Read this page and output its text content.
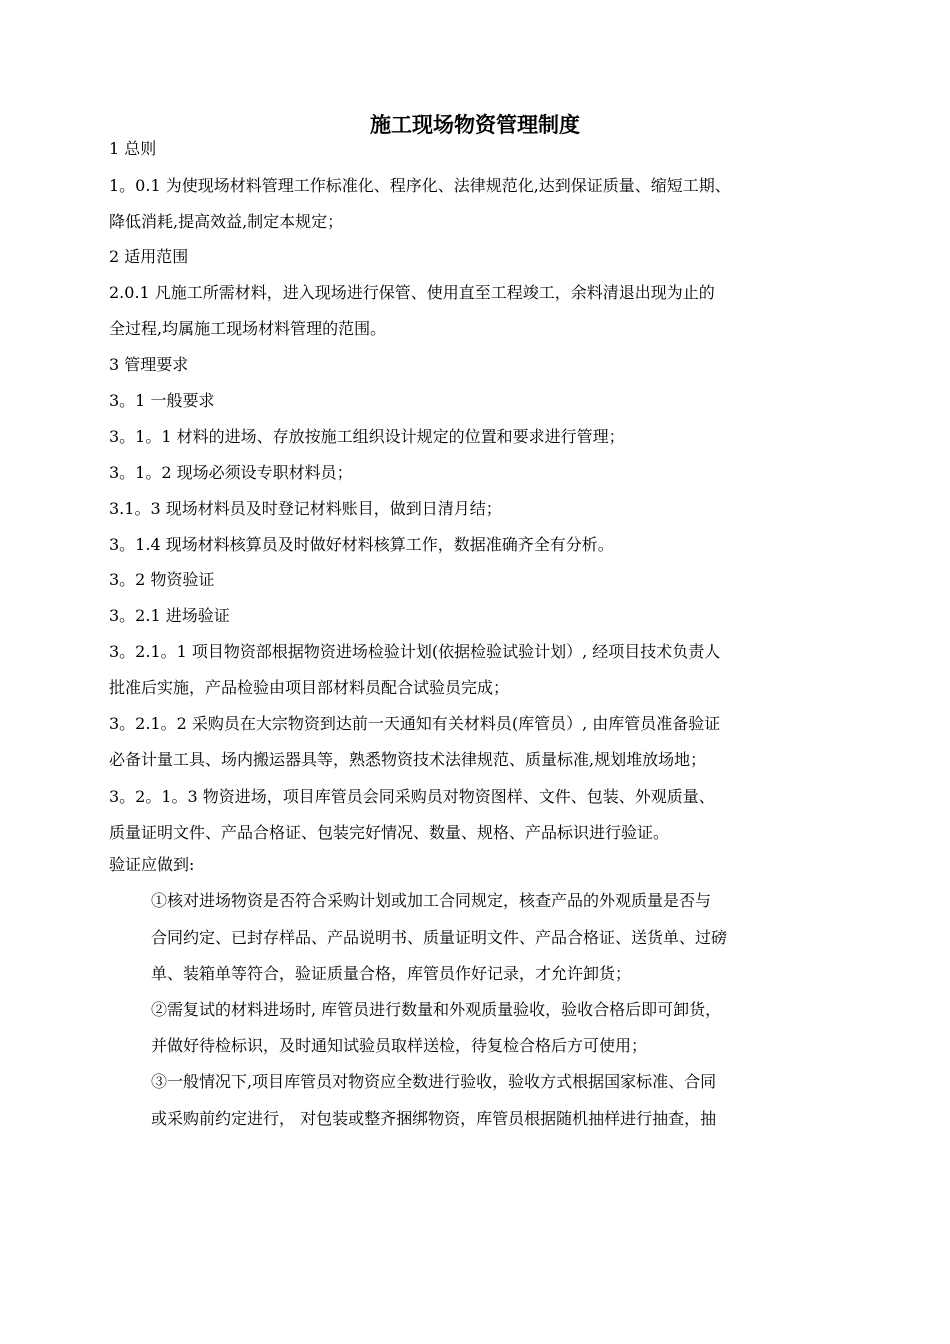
施工现场物资管理制度
1 总则
1。0.1 为使现场材料管理工作标准化、程序化、法律规范化,达到保证质量、缩短工期、
降低消耗,提高效益,制定本规定；
2 适用范围
2.0.1 凡施工所需材料，进入现场进行保管、使用直至工程竣工，余料清退出现为止的
全过程,均属施工现场材料管理的范围。
3 管理要求
3。1 一般要求
3。1。1 材料的进场、存放按施工组织设计规定的位置和要求进行管理；
3。1。2 现场必须设专职材料员；
3.1。3 现场材料员及时登记材料账目，做到日清月结；
3。1.4 现场材料核算员及时做好材料核算工作，数据准确齐全有分析。
3。2 物资验证
3。2.1 进场验证
3。2.1。1 项目物资部根据物资进场检验计划(依据检验试验计划）, 经项目技术负责人
批准后实施，产品检验由项目部材料员配合试验员完成；
3。2.1。2 采购员在大宗物资到达前一天通知有关材料员(库管员）, 由库管员准备验证
必备计量工具、场内搬运器具等，熟悉物资技术法律规范、质量标准,规划堆放场地；
3。2。1。3 物资进场，项目库管员会同采购员对物资图样、文件、包装、外观质量、
质量证明文件、产品合格证、包装完好情况、数量、规格、产品标识进行验证。
验证应做到:
①核对进场物资是否符合采购计划或加工合同规定，核查产品的外观质量是否与
合同约定、已封存样品、产品说明书、质量证明文件、产品合格证、送货单、过磅
单、装箱单等符合，验证质量合格，库管员作好记录，才允许卸货；
②需复试的材料进场时, 库管员进行数量和外观质量验收，验收合格后即可卸货，
并做好待检标识，及时通知试验员取样送检，待复检合格后方可使用；
③一般情况下,项目库管员对物资应全数进行验收，验收方式根据国家标准、合同
或采购前约定进行， 对包装或整齐捆绑物资，库管员根据随机抽样进行抽查，抽
